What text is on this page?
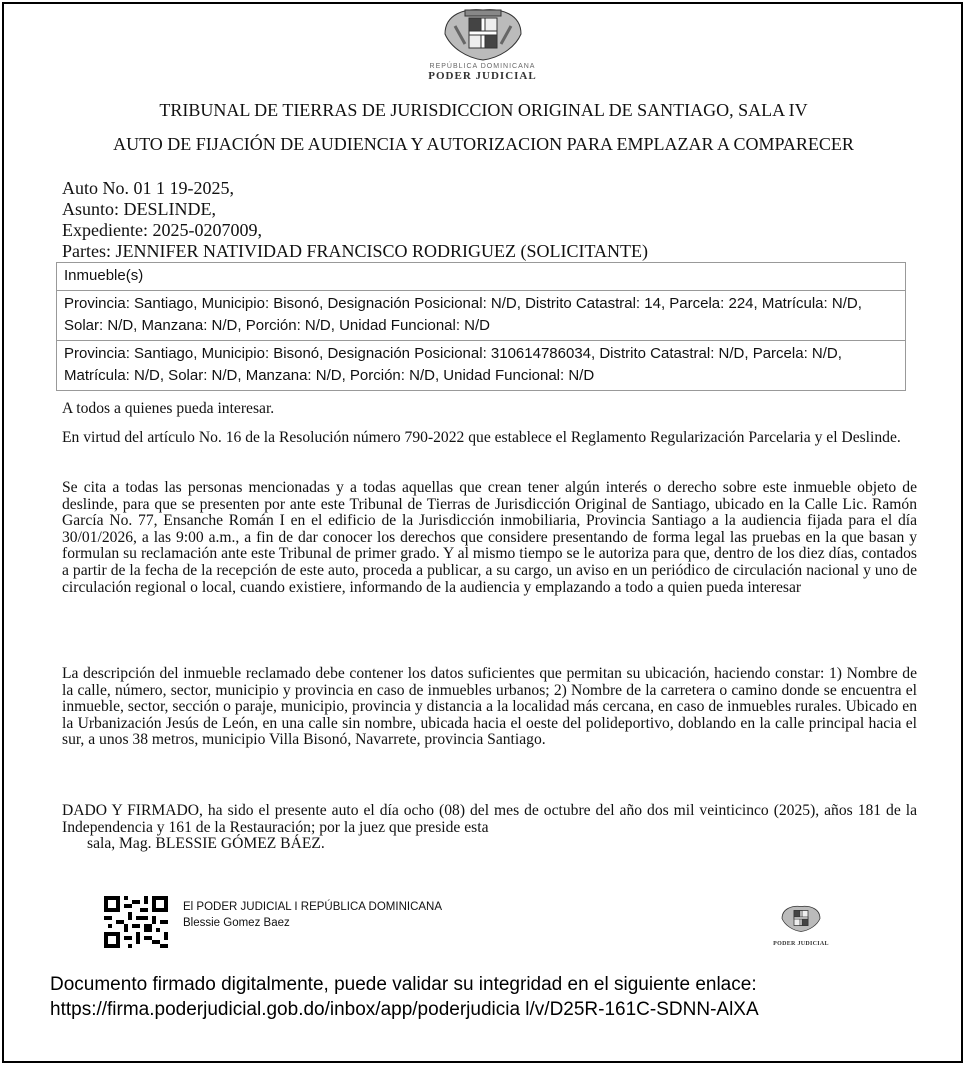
REPÚBLICA DOMINICANA
PODER JUDICIAL
TRIBUNAL DE TIERRAS DE JURISDICCION ORIGINAL DE SANTIAGO, SALA IV
AUTO DE FIJACIÓN DE AUDIENCIA Y AUTORIZACION PARA EMPLAZAR A COMPARECER
Auto No. 01 1 19-2025,
Asunto: DESLINDE,
Expediente: 2025-0207009,
Partes: JENNIFER NATIVIDAD FRANCISCO RODRIGUEZ (SOLICITANTE)
Inmueble(s)
Provincia: Santiago, Municipio: Bisonó, Designación Posicional: N/D, Distrito Catastral: 14, Parcela: 224, Matrícula: N/D, Solar: N/D, Manzana: N/D, Porción: N/D, Unidad Funcional: N/D
Provincia: Santiago, Municipio: Bisonó, Designación Posicional: 310614786034, Distrito Catastral: N/D, Parcela: N/D, Matrícula: N/D, Solar: N/D, Manzana: N/D, Porción: N/D, Unidad Funcional: N/D
A todos a quienes pueda interesar.
En virtud del artículo No. 16 de la Resolución número 790-2022 que establece el Reglamento Regularización Parcelaria y el Deslinde.
Se cita a todas las personas mencionadas y a todas aquellas que crean tener algún interés o derecho sobre este inmueble objeto de deslinde, para que se presenten por ante este Tribunal de Tierras de Jurisdicción Original de Santiago, ubicado en la Calle Lic. Ramón García No. 77, Ensanche Román I en el edificio de la Jurisdicción inmobiliaria, Provincia Santiago a la audiencia fijada para el día 30/01/2026, a las 9:00 a.m., a fin de dar conocer los derechos que considere presentando de forma legal las pruebas en la que basan y formulan su reclamación ante este Tribunal de primer grado. Y al mismo tiempo se le autoriza para que, dentro de los diez días, contados a partir de la fecha de la recepción de este auto, proceda a publicar, a su cargo, un aviso en un periódico de circulación nacional y uno de circulación regional o local, cuando existiere, informando de la audiencia y emplazando a todo a quien pueda interesar
La descripción del inmueble reclamado debe contener los datos suficientes que permitan su ubicación, haciendo constar: 1) Nombre de la calle, número, sector, municipio y provincia en caso de inmuebles urbanos; 2) Nombre de la carretera o camino donde se encuentra el inmueble, sector, sección o paraje, municipio, provincia y distancia a la localidad más cercana, en caso de inmuebles rurales. Ubicado en la Urbanización Jesús de León, en una calle sin nombre, ubicada hacia el oeste del polideportivo, doblando en la calle principal hacia el sur, a unos 38 metros, municipio Villa Bisonó, Navarrete, provincia Santiago.
DADO Y FIRMADO, ha sido el presente auto el día ocho (08) del mes de octubre del año dos mil veinticinco (2025), años 181 de la Independencia y 161 de la Restauración; por la juez que preside esta
sala, Mag. BLESSIE GÓMEZ BÁEZ.
El PODER JUDICIAL I REPÚBLICA DOMINICANA
Blessie Gomez Baez
PODER JUDICIAL
Documento firmado digitalmente, puede validar su integridad en el siguiente enlace:
https://firma.poderjudicial.gob.do/inbox/app/poderjudicia l/v/D25R-161C-SDNN-AlXA
